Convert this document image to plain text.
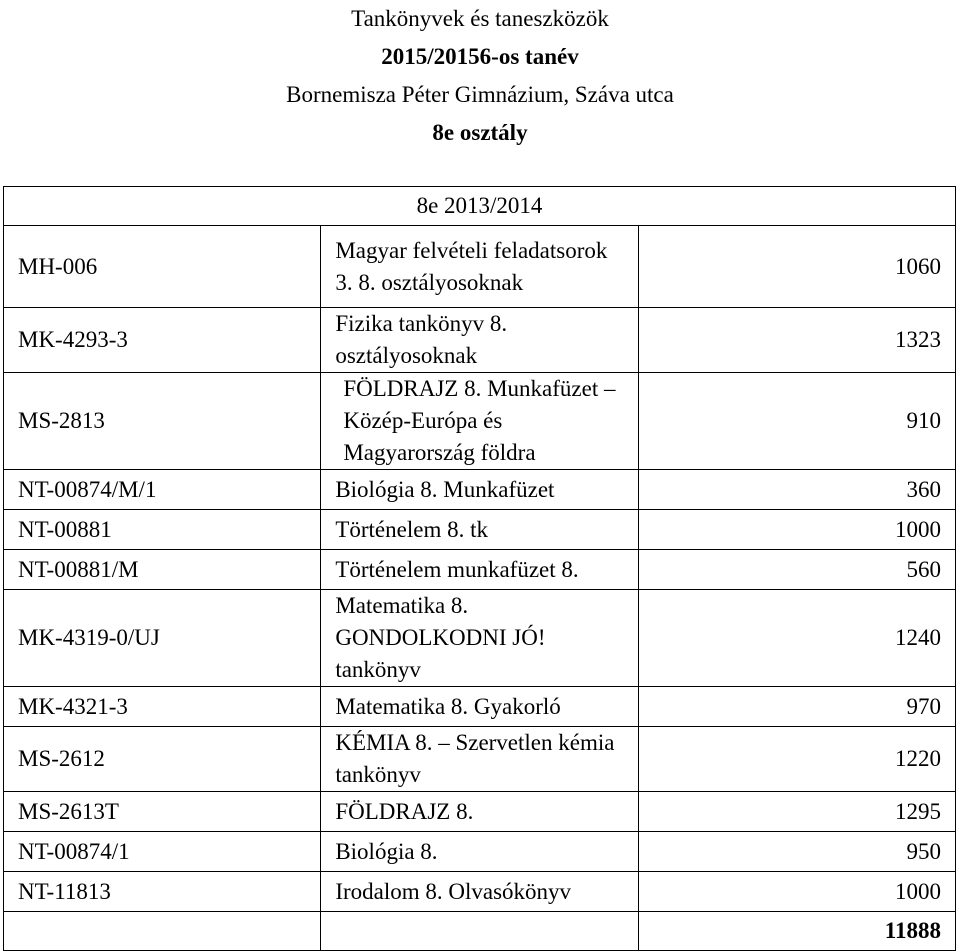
Tankönyvek és taneszközök
2015/20156-os tanév
Bornemisza Péter Gimnázium, Száva utca
8e osztály
8e 2013/2014		
MH-006	Magyar felvételi feladatsorok 3. 8. osztályosoknak	1060
MK-4293-3	Fizika tankönyv 8. osztályosoknak	1323
MS-2813	FÖLDRAJZ 8. Munkafüzet – Közép-Európa és Magyarország földra	910
NT-00874/M/1	Biológia 8. Munkafüzet	360
NT-00881	Történelem 8. tk	1000
NT-00881/M	Történelem munkafüzet 8.	560
MK-4319-0/UJ	Matematika 8. GONDOLKODNI JÓ! tankönyv	1240
MK-4321-3	Matematika 8. Gyakorló	970
MS-2612	KÉMIA 8. – Szervetlen kémia tankönyv	1220
MS-2613T	FÖLDRAJZ 8.	1295
NT-00874/1	Biológia 8.	950
NT-11813	Irodalom 8. Olvasókönyv	1000
		11888
